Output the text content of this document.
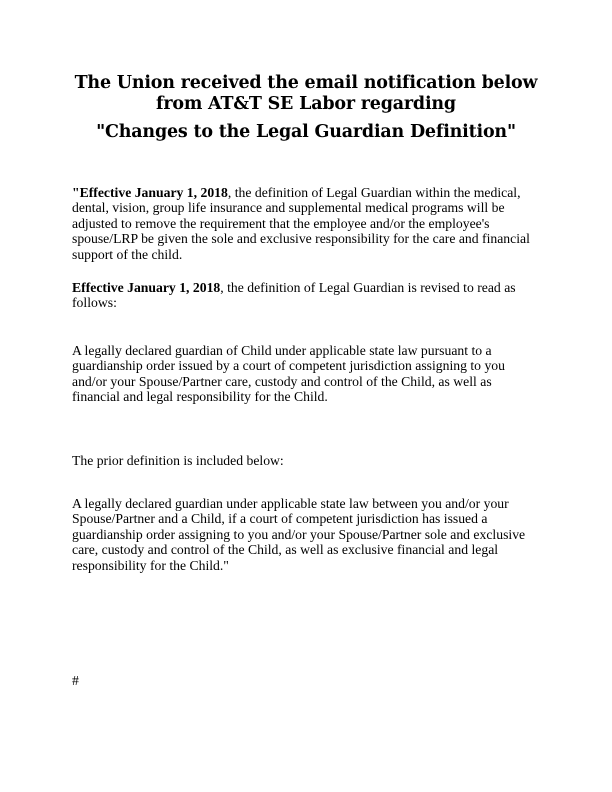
The Union received the email notification below from AT&T SE Labor regarding
"Changes to the Legal Guardian Definition"

"Effective January 1, 2018, the definition of Legal Guardian within the medical, dental, vision, group life insurance and supplemental medical programs will be adjusted to remove the requirement that the employee and/or the employee's spouse/LRP be given the sole and exclusive responsibility for the care and financial support of the child.

Effective January 1, 2018, the definition of Legal Guardian is revised to read as follows:

A legally declared guardian of Child under applicable state law pursuant to a guardianship order issued by a court of competent jurisdiction assigning to you and/or your Spouse/Partner care, custody and control of the Child, as well as financial and legal responsibility for the Child.

The prior definition is included below:

A legally declared guardian under applicable state law between you and/or your Spouse/Partner and a Child, if a court of competent jurisdiction has issued a guardianship order assigning to you and/or your Spouse/Partner sole and exclusive care, custody and control of the Child, as well as exclusive financial and legal responsibility for the Child."

#
